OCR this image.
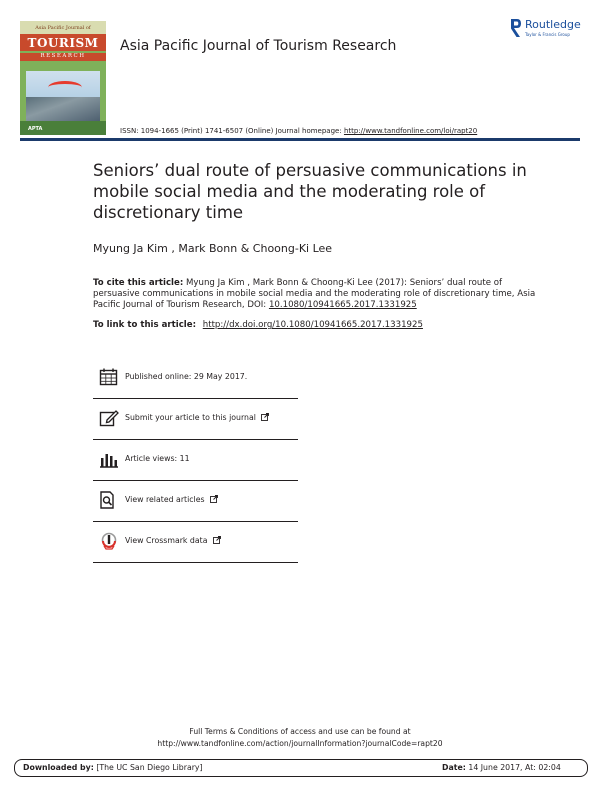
Asia Pacific Journal of
TOURISM
RESEARCH
APTA
Asia Pacific Journal of Tourism Research
Routledge
Taylor & Francis Group
ISSN: 1094-1665 (Print) 1741-6507 (Online) Journal homepage: http://www.tandfonline.com/loi/rapt20
Seniors’ dual route of persuasive communications in mobile social media and the moderating role of discretionary time
Myung Ja Kim , Mark Bonn & Choong-Ki Lee
To cite this article: Myung Ja Kim , Mark Bonn & Choong-Ki Lee (2017): Seniors’ dual route of persuasive communications in mobile social media and the moderating role of discretionary time, Asia Pacific Journal of Tourism Research, DOI: 10.1080/10941665.2017.1331925
To link to this article: http://dx.doi.org/10.1080/10941665.2017.1331925
Published online: 29 May 2017.
Submit your article to this journal
Article views: 11
View related articles
View Crossmark data
Full Terms & Conditions of access and use can be found at
http://www.tandfonline.com/action/journalInformation?journalCode=rapt20
Downloaded by: [The UC San Diego Library]	Date: 14 June 2017, At: 02:04
